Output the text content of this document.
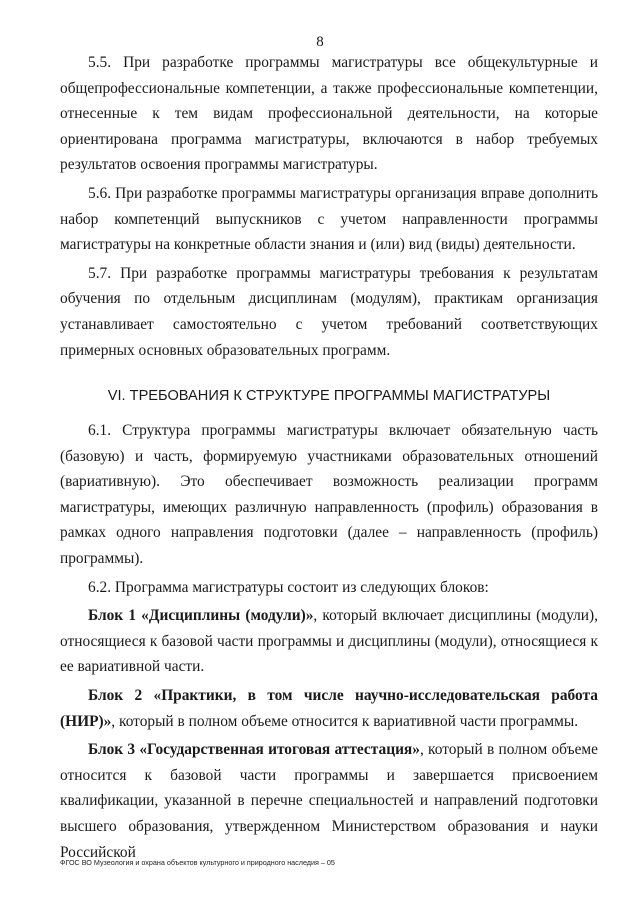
8

5.5. При разработке программы магистратуры все общекультурные и общепрофессиональные компетенции, а также профессиональные компетенции, отнесенные к тем видам профессиональной деятельности, на которые ориентирована программа магистратуры, включаются в набор требуемых результатов освоения программы магистратуры.

5.6. При разработке программы магистратуры организация вправе дополнить набор компетенций выпускников с учетом направленности программы магистратуры на конкретные области знания и (или) вид (виды) деятельности.

5.7. При разработке программы магистратуры требования к результатам обучения по отдельным дисциплинам (модулям), практикам организация устанавливает самостоятельно с учетом требований соответствующих примерных основных образовательных программ.

VI. ТРЕБОВАНИЯ К СТРУКТУРЕ ПРОГРАММЫ МАГИСТРАТУРЫ

6.1. Структура программы магистратуры включает обязательную часть (базовую) и часть, формируемую участниками образовательных отношений (вариативную). Это обеспечивает возможность реализации программ магистратуры, имеющих различную направленность (профиль) образования в рамках одного направления подготовки (далее – направленность (профиль) программы).

6.2. Программа магистратуры состоит из следующих блоков:

Блок 1 «Дисциплины (модули)», который включает дисциплины (модули), относящиеся к базовой части программы и дисциплины (модули), относящиеся к ее вариативной части.

Блок 2 «Практики, в том числе научно-исследовательская работа (НИР)», который в полном объеме относится к вариативной части программы.

Блок 3 «Государственная итоговая аттестация», который в полном объеме относится к базовой части программы и завершается присвоением квалификации, указанной в перечне специальностей и направлений подготовки высшего образования, утвержденном Министерством образования и науки Российской

ФГОС ВО Музеология и охрана объектов культурного и природного наследия – 05
